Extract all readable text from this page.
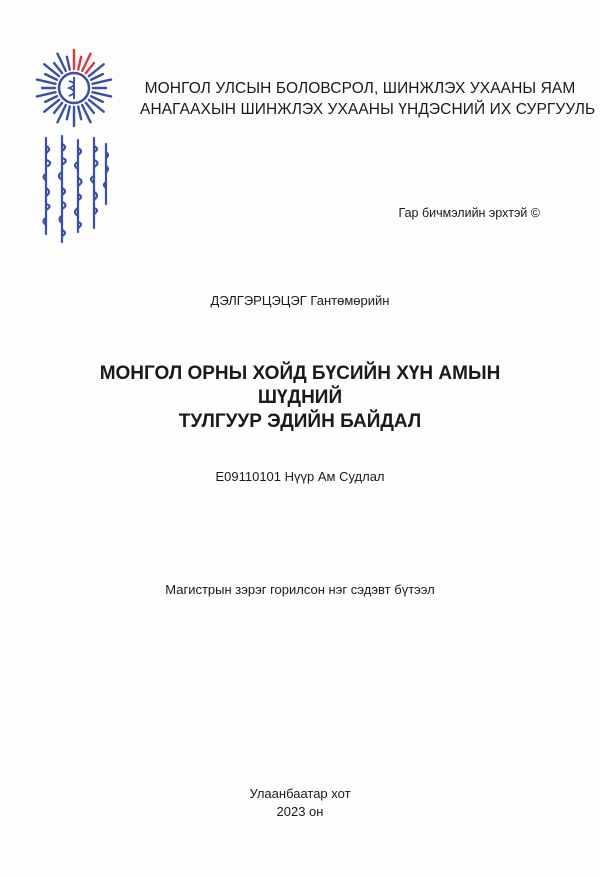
МОНГОЛ УЛСЫН БОЛОВСРОЛ, ШИНЖЛЭХ УХААНЫ ЯАМ
АНАГААХЫН ШИНЖЛЭХ УХААНЫ ҮНДЭСНИЙ ИХ СУРГУУЛЬ
Гар бичмэлийн эрхтэй ©
ДЭЛГЭРЦЭЦЭГ Гантөмөрийн
МОНГОЛ ОРНЫ ХОЙД БҮСИЙН ХҮН АМЫН ШҮДНИЙ
ТУЛГУУР ЭДИЙН БАЙДАЛ
E09110101 Нүүр Ам Судлал
Магистрын зэрэг горилсон нэг сэдэвт бүтээл
Улаанбаатар хот
2023 он
